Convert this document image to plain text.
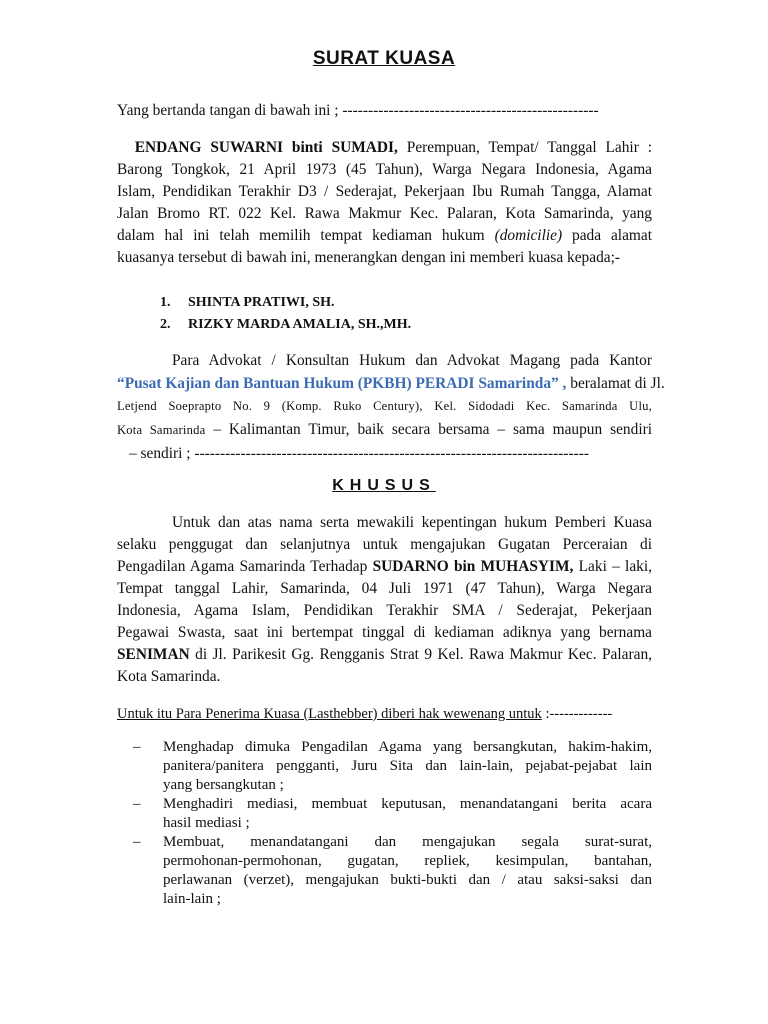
SURAT KUASA
Yang bertanda tangan di bawah ini ; --------------------------------------------------
ENDANG SUWARNI binti SUMADI, Perempuan, Tempat/ Tanggal Lahir :
Barong Tongkok, 21 April 1973 (45 Tahun), Warga Negara Indonesia, Agama
Islam, Pendidikan Terakhir D3 / Sederajat, Pekerjaan Ibu Rumah Tangga, Alamat
Jalan Bromo RT. 022 Kel. Rawa Makmur Kec. Palaran, Kota Samarinda, yang
dalam hal ini telah memilih tempat kediaman hukum (domicilie) pada alamat
kuasanya tersebut di bawah ini, menerangkan dengan ini memberi kuasa kepada;-
1. SHINTA PRATIWI, SH.
2. RIZKY MARDA AMALIA, SH.,MH.
Para Advokat / Konsultan Hukum dan Advokat Magang pada Kantor
“Pusat Kajian dan Bantuan Hukum (PKBH) PERADI Samarinda” , beralamat di Jl.
Letjend Soeprapto No. 9 (Komp. Ruko Century), Kel. Sidodadi Kec. Samarinda Ulu,
Kota Samarinda – Kalimantan Timur, baik secara bersama – sama maupun sendiri
– sendiri ; -----------------------------------------------------------------------------
KHUSUS
Untuk dan atas nama serta mewakili kepentingan hukum Pemberi Kuasa
selaku penggugat dan selanjutnya untuk mengajukan Gugatan Perceraian di
Pengadilan Agama Samarinda Terhadap SUDARNO bin MUHASYIM, Laki – laki,
Tempat tanggal Lahir, Samarinda, 04 Juli 1971 (47 Tahun), Warga Negara
Indonesia, Agama Islam, Pendidikan Terakhir SMA / Sederajat, Pekerjaan
Pegawai Swasta, saat ini bertempat tinggal di kediaman adiknya yang bernama
SENIMAN di Jl. Parikesit Gg. Rengganis Strat 9 Kel. Rawa Makmur Kec. Palaran,
Kota Samarinda.
Untuk itu Para Penerima Kuasa (Lasthebber) diberi hak wewenang untuk :-------------
– Menghadap dimuka Pengadilan Agama yang bersangkutan, hakim-hakim,
panitera/panitera pengganti, Juru Sita dan lain-lain, pejabat-pejabat lain
yang bersangkutan ;
– Menghadiri mediasi, membuat keputusan, menandatangani berita acara
hasil mediasi ;
– Membuat, menandatangani dan mengajukan segala surat-surat,
permohonan-permohonan, gugatan, repliek, kesimpulan, bantahan,
perlawanan (verzet), mengajukan bukti-bukti dan / atau saksi-saksi dan
lain-lain ;
